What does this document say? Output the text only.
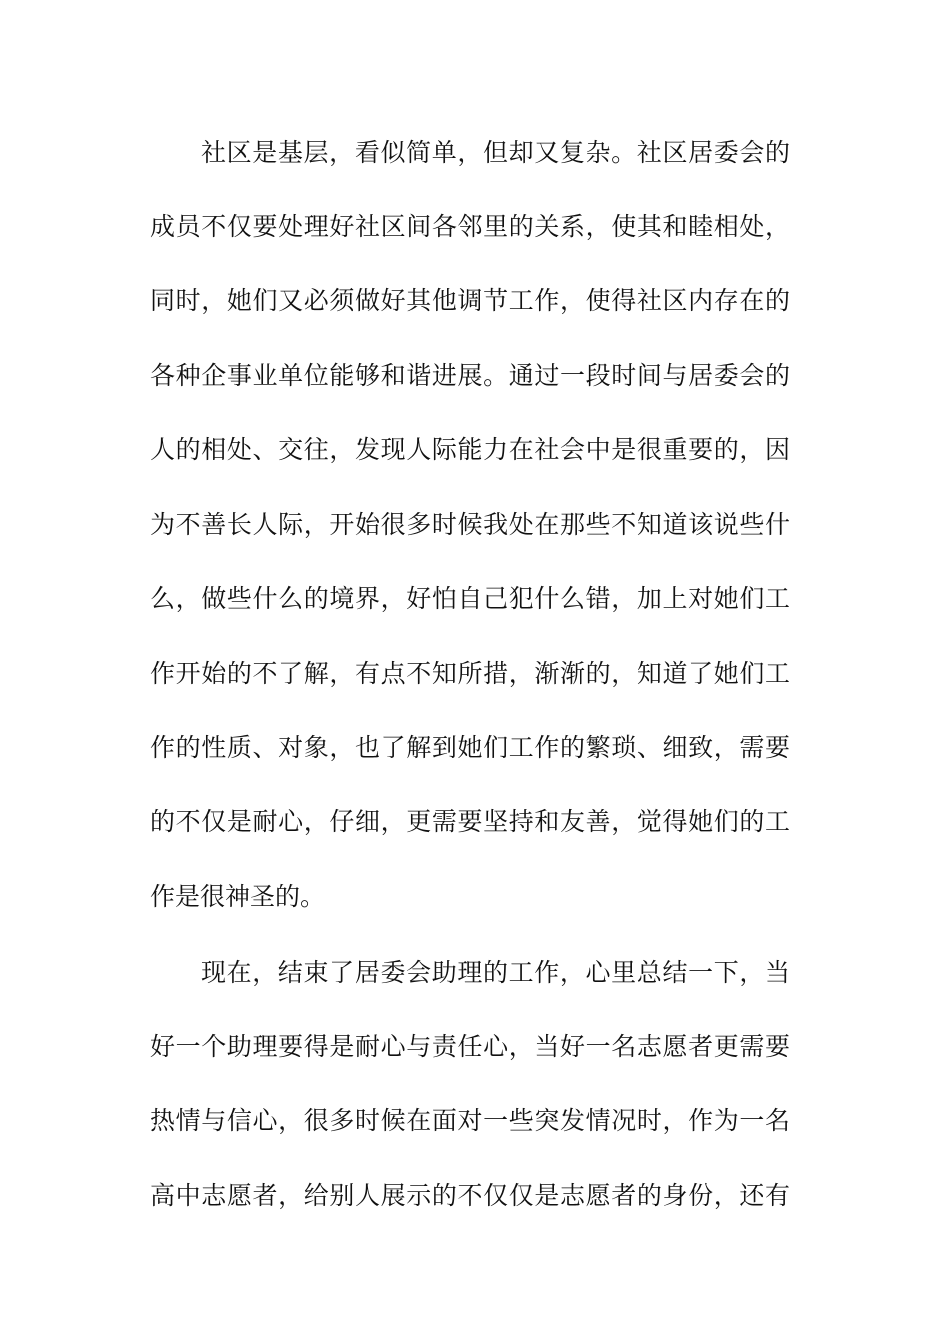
社区是基层，看似简单，但却又复杂。社区居委会的
成员不仅要处理好社区间各邻里的关系，使其和睦相处，
同时，她们又必须做好其他调节工作，使得社区内存在的
各种企事业单位能够和谐进展。通过一段时间与居委会的
人的相处、交往，发现人际能力在社会中是很重要的，因
为不善长人际，开始很多时候我处在那些不知道该说些什
么，做些什么的境界，好怕自己犯什么错，加上对她们工
作开始的不了解，有点不知所措，渐渐的，知道了她们工
作的性质、对象，也了解到她们工作的繁琐、细致，需要
的不仅是耐心，仔细，更需要坚持和友善，觉得她们的工
作是很神圣的。
现在，结束了居委会助理的工作，心里总结一下，当
好一个助理要得是耐心与责任心，当好一名志愿者更需要
热情与信心，很多时候在面对一些突发情况时，作为一名
高中志愿者，给别人展示的不仅仅是志愿者的身份，还有
